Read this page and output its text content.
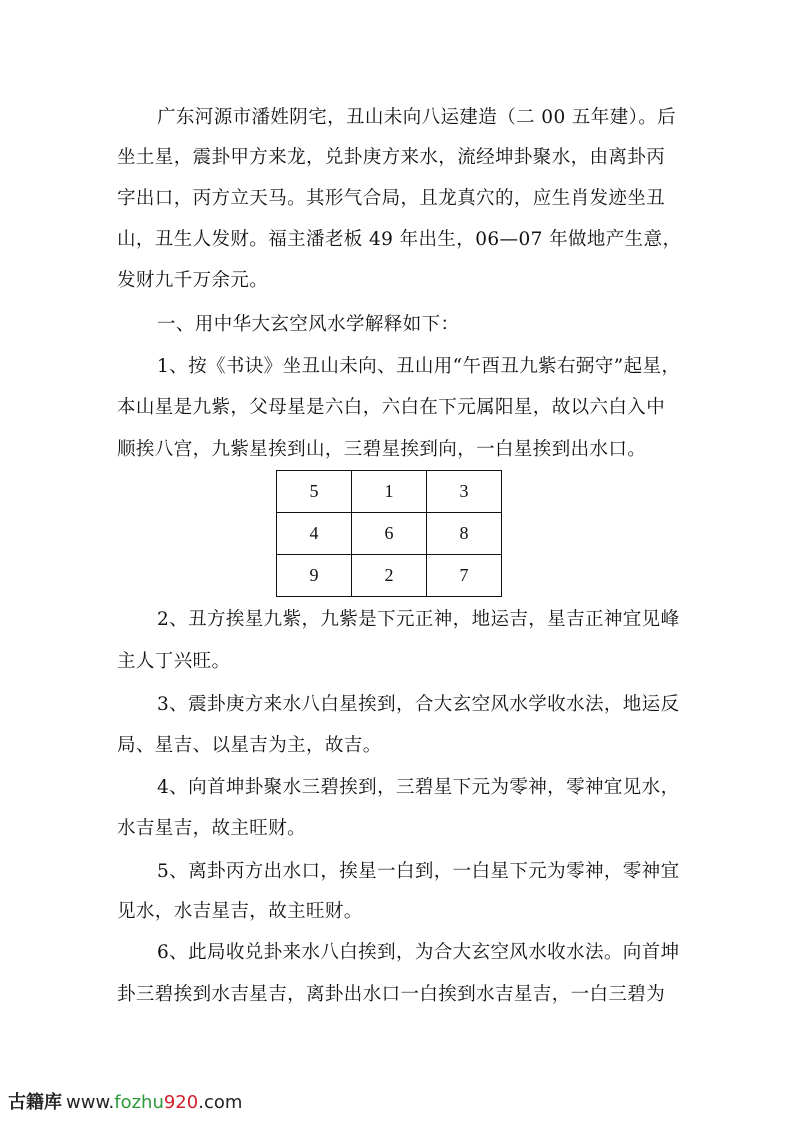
广东河源市潘姓阴宅，丑山未向八运建造（二 00 五年建）。后
坐土星，震卦甲方来龙，兑卦庚方来水，流经坤卦聚水，由离卦丙
字出口，丙方立天马。其形气合局，且龙真穴的，应生肖发迹坐丑
山，丑生人发财。福主潘老板 49 年出生，06—07 年做地产生意，
发财九千万余元。
一、用中华大玄空风水学解释如下：
1、按《书诀》坐丑山未向、丑山用“午酉丑九紫右弼守”起星，
本山星是九紫，父母星是六白，六白在下元属阳星，故以六白入中
顺挨八宫，九紫星挨到山，三碧星挨到向，一白星挨到出水口。
5	1	3
4	6	8
9	2	7
2、丑方挨星九紫，九紫是下元正神，地运吉，星吉正神宜见峰
主人丁兴旺。
3、震卦庚方来水八白星挨到，合大玄空风水学收水法，地运反
局、星吉、以星吉为主，故吉。
4、向首坤卦聚水三碧挨到，三碧星下元为零神，零神宜见水，
水吉星吉，故主旺财。
5、离卦丙方出水口，挨星一白到，一白星下元为零神，零神宜
见水，水吉星吉，故主旺财。
6、此局收兑卦来水八白挨到，为合大玄空风水收水法。向首坤
卦三碧挨到水吉星吉，离卦出水口一白挨到水吉星吉，一白三碧为
古籍库 www.fozhu920.com
